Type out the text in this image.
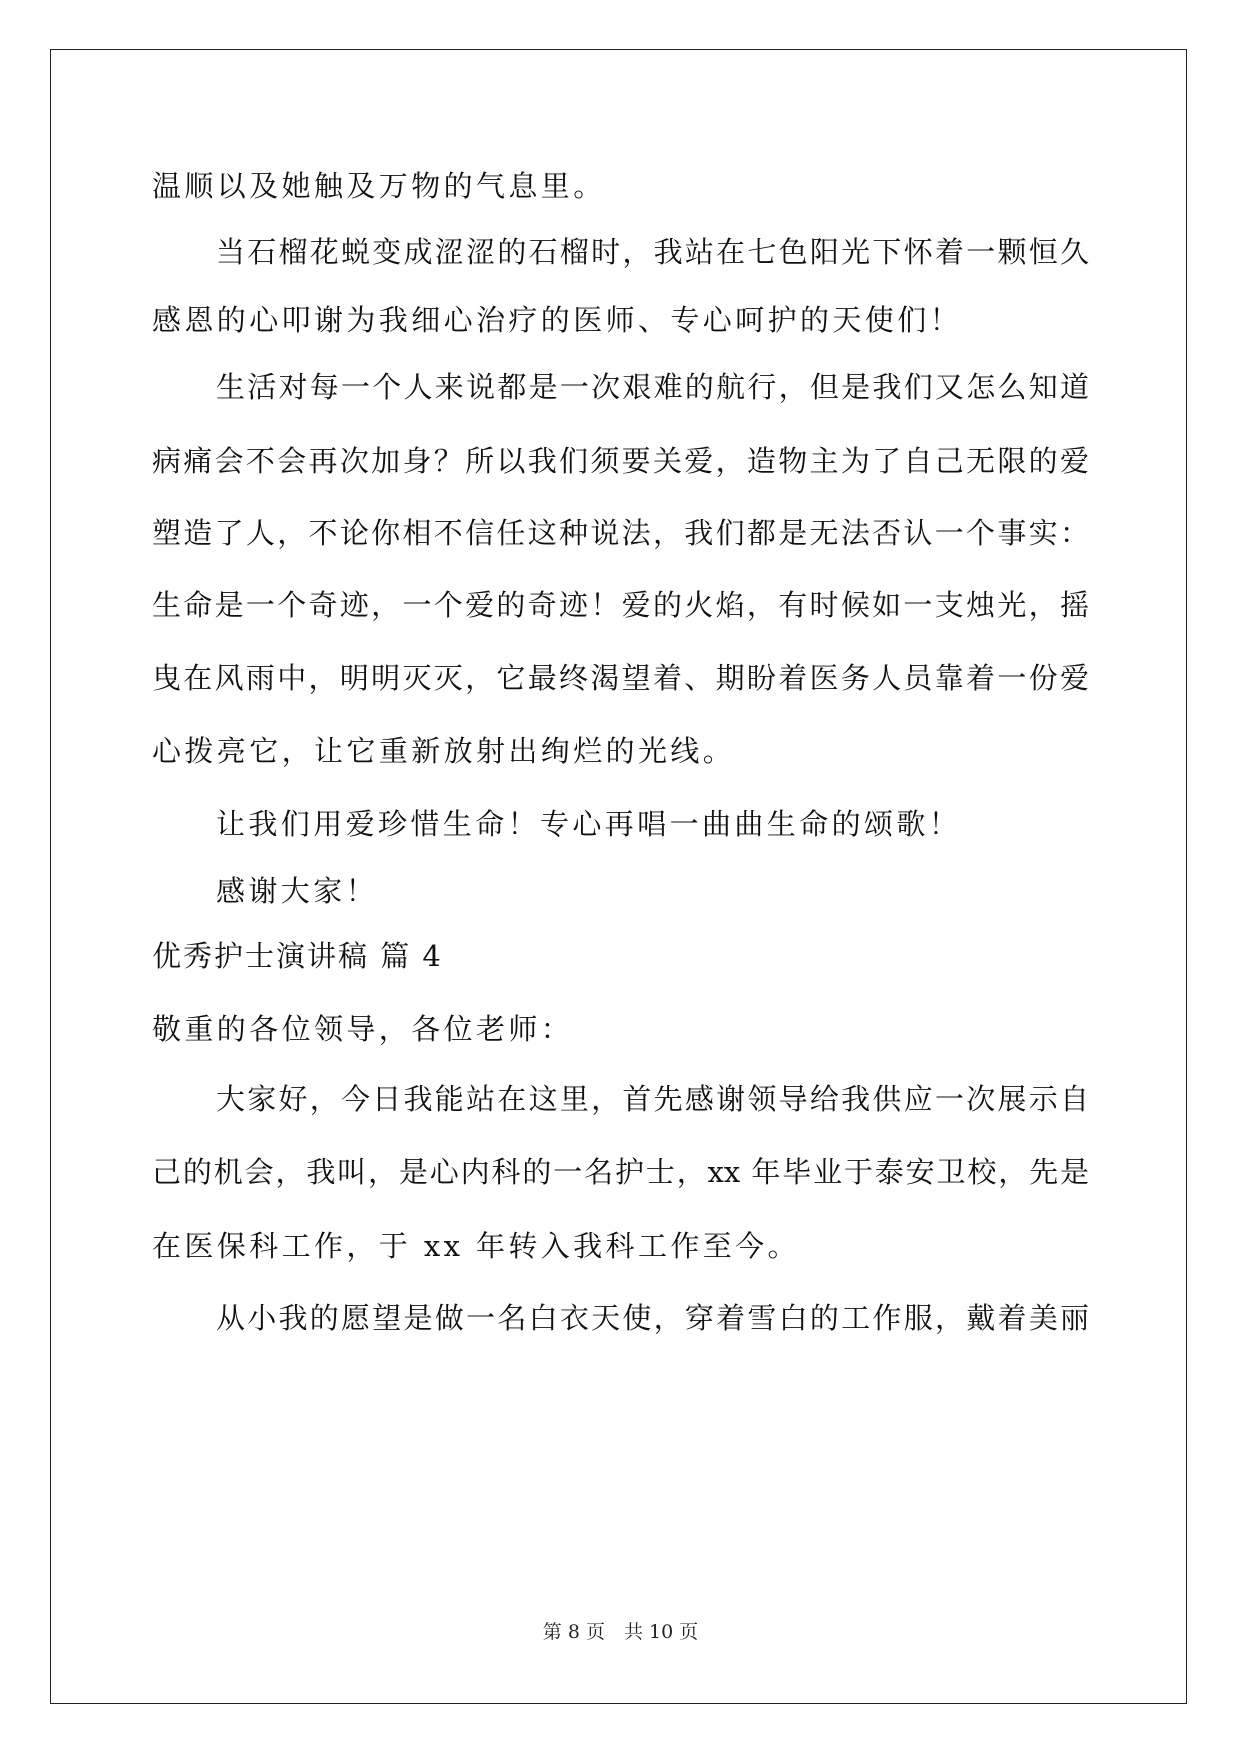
温顺以及她触及万物的气息里。
当石榴花蜕变成涩涩的石榴时，我站在七色阳光下怀着一颗恒久
感恩的心叩谢为我细心治疗的医师、专心呵护的天使们！
生活对每一个人来说都是一次艰难的航行，但是我们又怎么知道
病痛会不会再次加身？所以我们须要关爱，造物主为了自己无限的爱
塑造了人，不论你相不信任这种说法，我们都是无法否认一个事实：
生命是一个奇迹，一个爱的奇迹！爱的火焰，有时候如一支烛光，摇
曳在风雨中，明明灭灭，它最终渴望着、期盼着医务人员靠着一份爱
心拨亮它，让它重新放射出绚烂的光线。
让我们用爱珍惜生命！专心再唱一曲曲生命的颂歌！
感谢大家！
优秀护士演讲稿 篇 4
敬重的各位领导，各位老师：
大家好，今日我能站在这里，首先感谢领导给我供应一次展示自
己的机会，我叫，是心内科的一名护士，xx 年毕业于泰安卫校，先是
在医保科工作，于 xx 年转入我科工作至今。
从小我的愿望是做一名白衣天使，穿着雪白的工作服，戴着美丽
第 8 页　共 10 页
